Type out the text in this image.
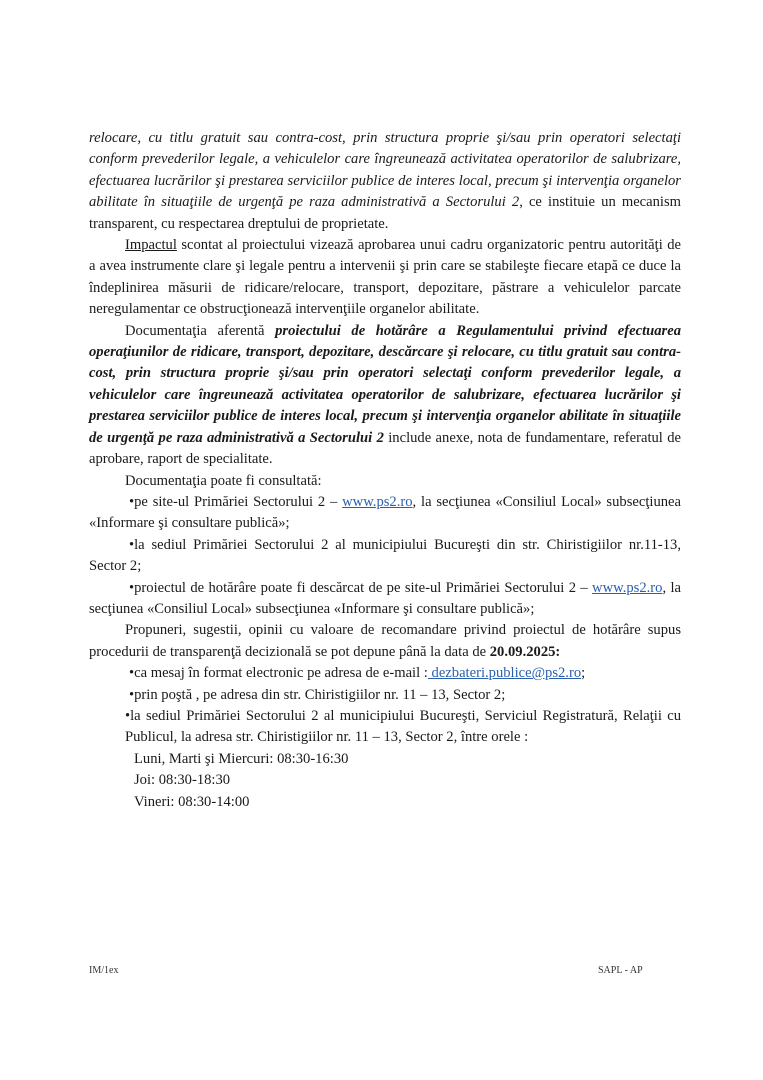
relocare, cu titlu gratuit sau contra-cost, prin structura proprie şi/sau prin operatori selectaţi conform prevederilor legale, a vehiculelor care îngreunează activitatea operatorilor de salubrizare, efectuarea lucrărilor şi prestarea serviciilor publice de interes local, precum şi intervenţia organelor abilitate în situaţiile de urgenţă pe raza administrativă a Sectorului 2, ce instituie un mecanism transparent, cu respectarea dreptului de proprietate.

Impactul scontat al proiectului vizează aprobarea unui cadru organizatoric pentru autorităţi de a avea instrumente clare şi legale pentru a intervenii şi prin care se stabileşte fiecare etapă ce duce la îndeplinirea măsurii de ridicare/relocare, transport, depozitare, păstrare a vehiculelor parcate neregulamentar ce obstrucţionează intervenţiile organelor abilitate.

Documentaţia aferentă proiectului de hotărâre a Regulamentului privind efectuarea operaţiunilor de ridicare, transport, depozitare, descărcare şi relocare, cu titlu gratuit sau contra-cost, prin structura proprie şi/sau prin operatori selectaţi conform prevederilor legale, a vehiculelor care îngreunează activitatea operatorilor de salubrizare, efectuarea lucrărilor şi prestarea serviciilor publice de interes local, precum şi intervenţia organelor abilitate în situaţiile de urgenţă pe raza administrativă a Sectorului 2 include anexe, nota de fundamentare, referatul de aprobare, raport de specialitate.

Documentaţia poate fi consultată:

•pe site-ul Primăriei Sectorului 2 – www.ps2.ro, la secţiunea «Consiliul Local» subsecţiunea «Informare şi consultare publică»;

•la sediul Primăriei Sectorului 2 al municipiului Bucureşti din str. Chiristigiilor nr.11-13, Sector 2;

•proiectul de hotărâre poate fi descărcat de pe site-ul Primăriei Sectorului 2 – www.ps2.ro, la secţiunea «Consiliul Local» subsecţiunea «Informare şi consultare publică»;

Propuneri, sugestii, opinii cu valoare de recomandare privind proiectul de hotărâre supus procedurii de transparenţă decizională se pot depune până la data de 20.09.2025:

•ca mesaj în format electronic pe adresa de e-mail : dezbateri.publice@ps2.ro;

•prin poştă , pe adresa din str. Chiristigiilor nr. 11 – 13, Sector 2;

•la sediul Primăriei Sectorului 2 al municipiului Bucureşti, Serviciul Registratură, Relaţii cu Publicul, la adresa str. Chiristigiilor nr. 11 – 13, Sector 2, între orele :

Luni, Marti şi Miercuri: 08:30-16:30

Joi: 08:30-18:30

Vineri: 08:30-14:00

IM/1ex	SAPL - AP
